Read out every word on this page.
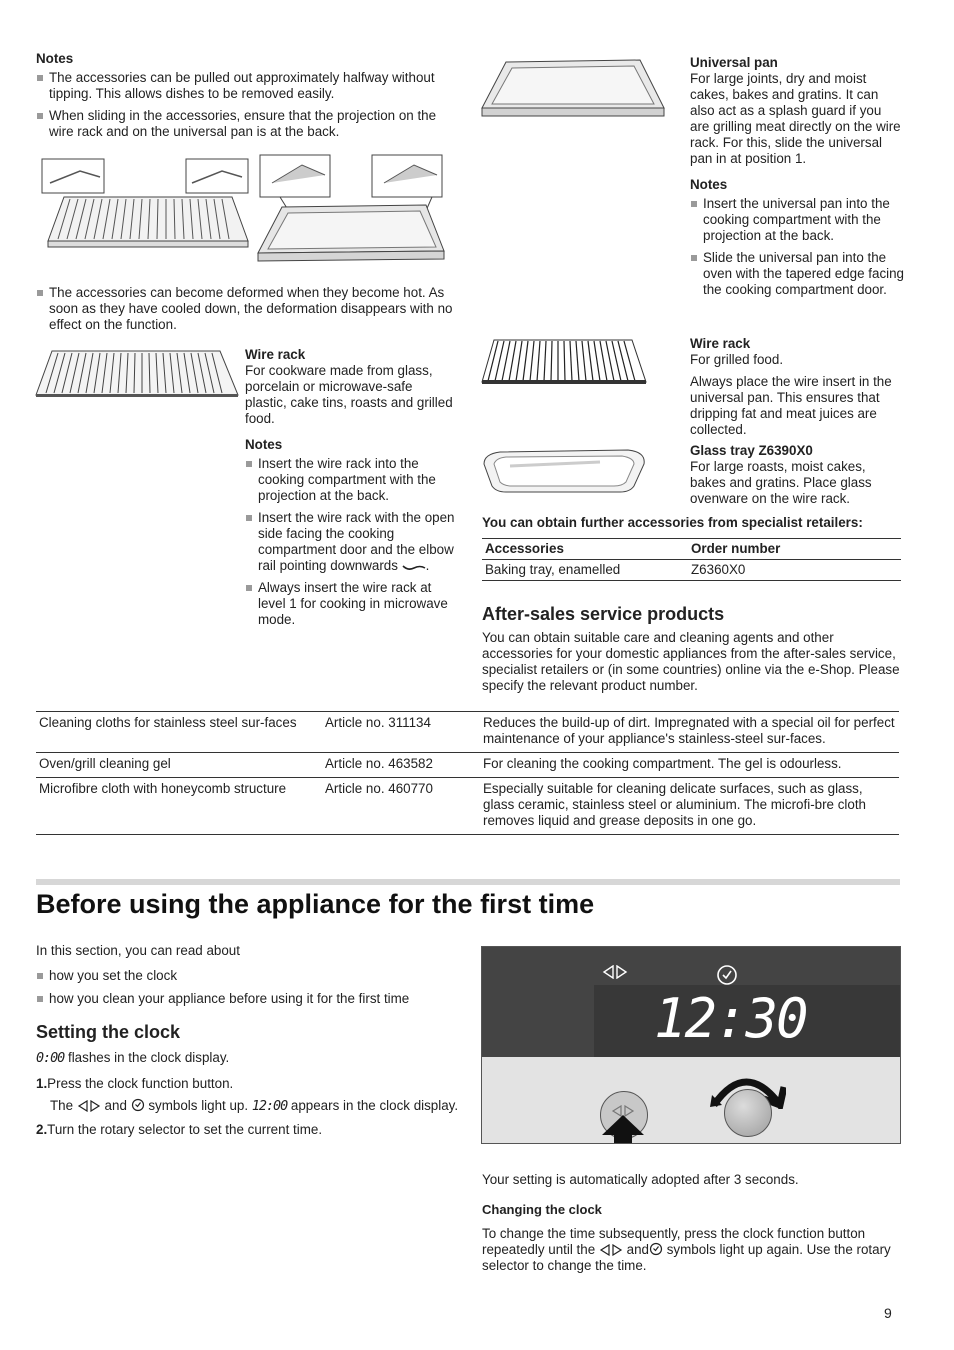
Notes
The accessories can be pulled out approximately halfway without tipping. This allows dishes to be removed easily.
When sliding in the accessories, ensure that the projection on the wire rack and on the universal pan is at the back.
The accessories can become deformed when they become hot. As soon as they have cooled down, the deformation disappears with no effect on the function.
Wire rack

For cookware made from glass, porcelain or microwave-safe plastic, cake tins, roasts and grilled food.

Notes
Insert the wire rack into the cooking compartment with the projection at the back.
Insert the wire rack with the open side facing the cooking compartment door and the elbow rail pointing downwards .
Always insert the wire rack at level 1 for cooking in microwave mode.
Universal pan

For large joints, dry and moist cakes, bakes and gratins. It can also act as a splash guard if you are grilling meat directly on the wire rack. For this, slide the universal pan in at position 1.

Notes
Insert the universal pan into the cooking compartment with the projection at the back.
Slide the universal pan into the oven with the tapered edge facing the cooking compartment door.
Wire rack

For grilled food.

Always place the wire insert in the universal pan. This ensures that dripping fat and meat juices are collected.

Glass tray Z6390X0

For large roasts, moist cakes, bakes and gratins. Place glass ovenware on the wire rack.

You can obtain further accessories from specialist retailers:
Accessories	Order number
Baking tray, enamelled	Z6360X0
After-sales service products

You can obtain suitable care and cleaning agents and other accessories for your domestic appliances from the after-sales service, specialist retailers or (in some countries) online via the e-Shop. Please specify the relevant product number.

Cleaning cloths for stainless steel sur-faces	Article no. 311134	Reduces the build-up of dirt. Impregnated with a special oil for perfect maintenance of your appliance's stainless-steel sur-faces.
Oven/grill cleaning gel	Article no. 463582	For cleaning the cooking compartment. The gel is odourless.
Microfibre cloth with honeycomb structure	Article no. 460770	Especially suitable for cleaning delicate surfaces, such as glass, glass ceramic, stainless steel or aluminium. The microfi-bre cloth removes liquid and grease deposits in one go.
Before using the appliance for the first time

In this section, you can read about

how you set the clock
how you clean your appliance before using it for the first time
Setting the clock

0:00 flashes in the clock display.

1.Press the clock function button.

The and symbols light up. 12:00 appears in the clock display.

2.Turn the rotary selector to set the current time.

12:30
Your setting is automatically adopted after 3 seconds.
Changing the clock

To change the time subsequently, press the clock function button repeatedly until the and symbols light up again. Use the rotary selector to change the time.

9
